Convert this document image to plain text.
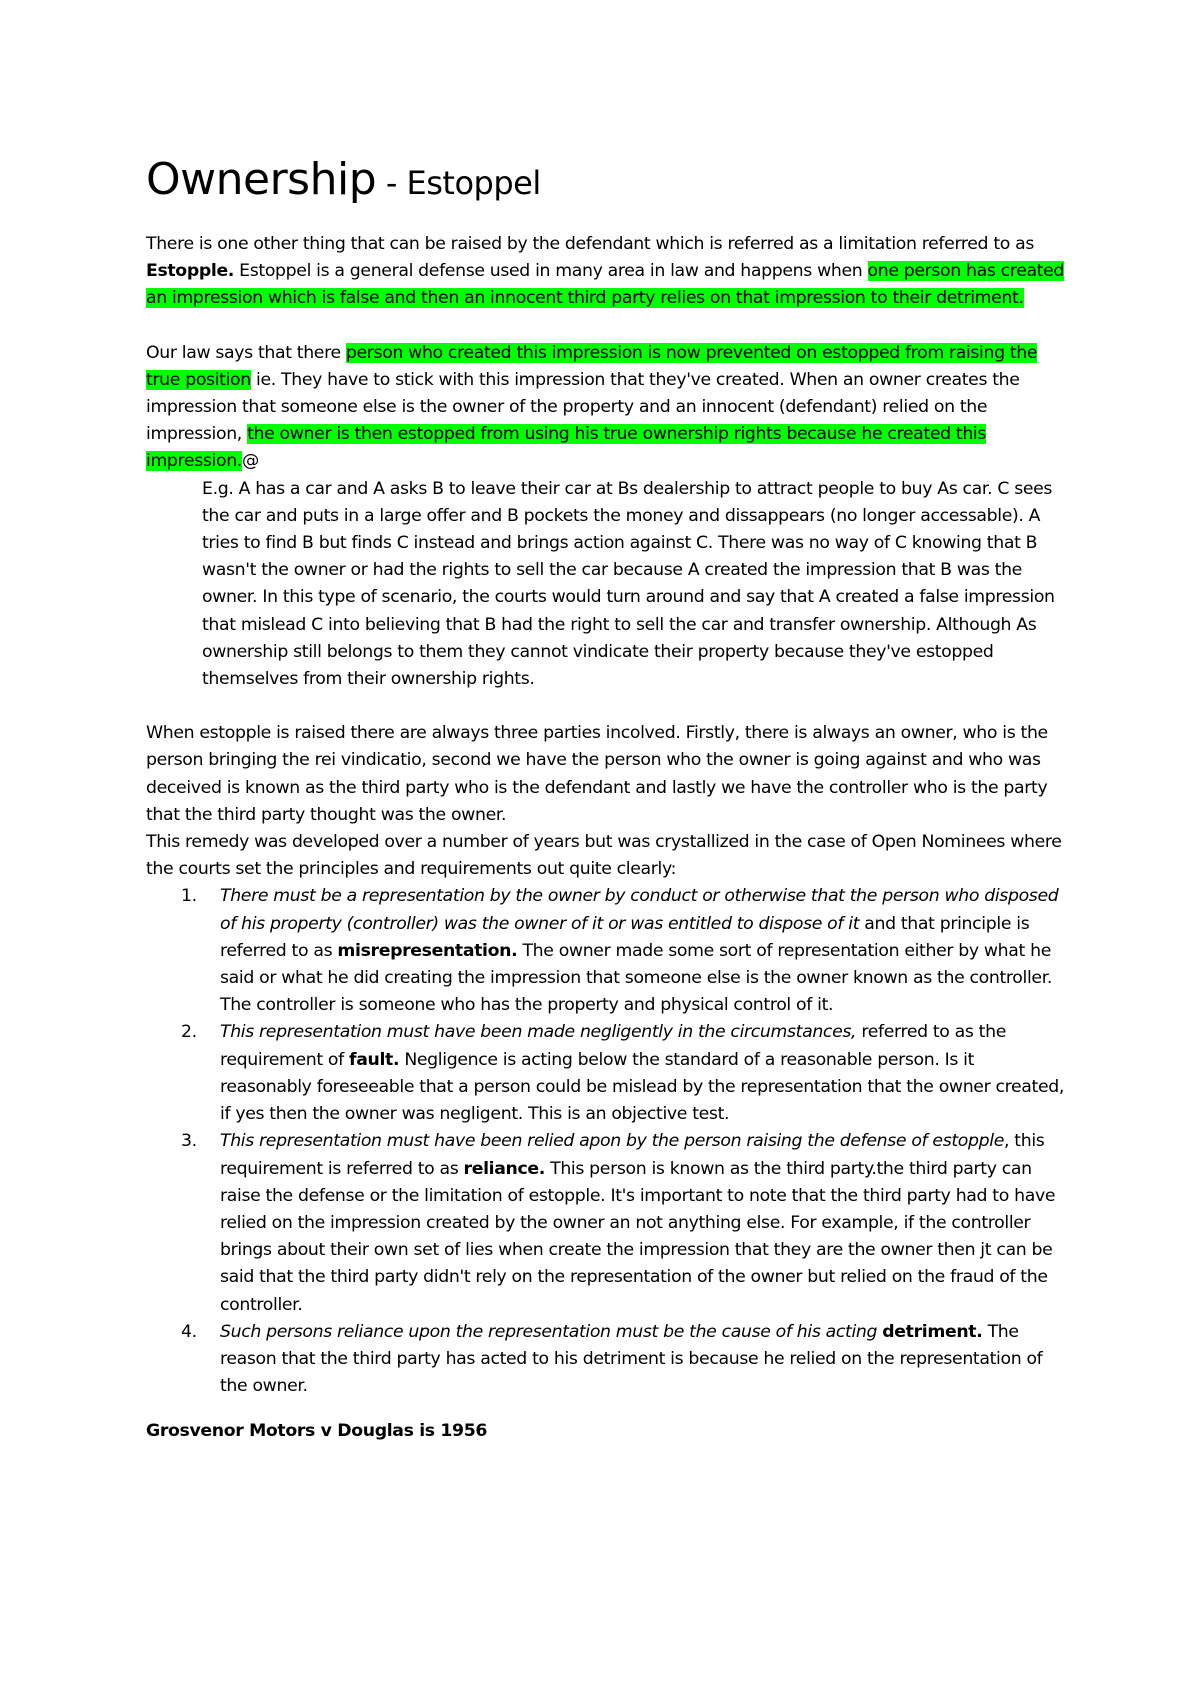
Ownership - Estoppel

There is one other thing that can be raised by the defendant which is referred as a limitation referred to as Estopple. Estoppel is a general defense used in many area in law and happens when one person has created an impression which is false and then an innocent third party relies on that impression to their detriment.

Our law says that there person who created this impression is now prevented on estopped from raising the true position ie. They have to stick with this impression that they've created. When an owner creates the impression that someone else is the owner of the property and an innocent (defendant) relied on the impression, the owner is then estopped from using his true ownership rights because he created this impression.@

E.g. A has a car and A asks B to leave their car at Bs dealership to attract people to buy As car. C sees the car and puts in a large offer and B pockets the money and dissappears (no longer accessable). A tries to find B but finds C instead and brings action against C. There was no way of C knowing that B wasn't the owner or had the rights to sell the car because A created the impression that B was the owner. In this type of scenario, the courts would turn around and say that A created a false impression that mislead C into believing that B had the right to sell the car and transfer ownership. Although As ownership still belongs to them they cannot vindicate their property because they've estopped themselves from their ownership rights.

When estopple is raised there are always three parties incolved. Firstly, there is always an owner, who is the person bringing the rei vindicatio, second we have the person who the owner is going against and who was deceived is known as the third party who is the defendant and lastly we have the controller who is the party that the third party thought was the owner.

This remedy was developed over a number of years but was crystallized in the case of Open Nominees where the courts set the principles and requirements out quite clearly:

1. There must be a representation by the owner by conduct or otherwise that the person who disposed of his property (controller) was the owner of it or was entitled to dispose of it and that principle is referred to as misrepresentation. The owner made some sort of representation either by what he said or what he did creating the impression that someone else is the owner known as the controller. The controller is someone who has the property and physical control of it.
2. This representation must have been made negligently in the circumstances, referred to as the requirement of fault. Negligence is acting below the standard of a reasonable person. Is it reasonably foreseeable that a person could be mislead by the representation that the owner created, if yes then the owner was negligent. This is an objective test.
3. This representation must have been relied apon by the person raising the defense of estopple, this requirement is referred to as reliance. This person is known as the third party.the third party can raise the defense or the limitation of estopple. It's important to note that the third party had to have relied on the impression created by the owner an not anything else. For example, if the controller brings about their own set of lies when create the impression that they are the owner then jt can be said that the third party didn't rely on the representation of the owner but relied on the fraud of the controller.
4. Such persons reliance upon the representation must be the cause of his acting detriment. The reason that the third party has acted to his detriment is because he relied on the representation of the owner.

Grosvenor Motors v Douglas is 1956
